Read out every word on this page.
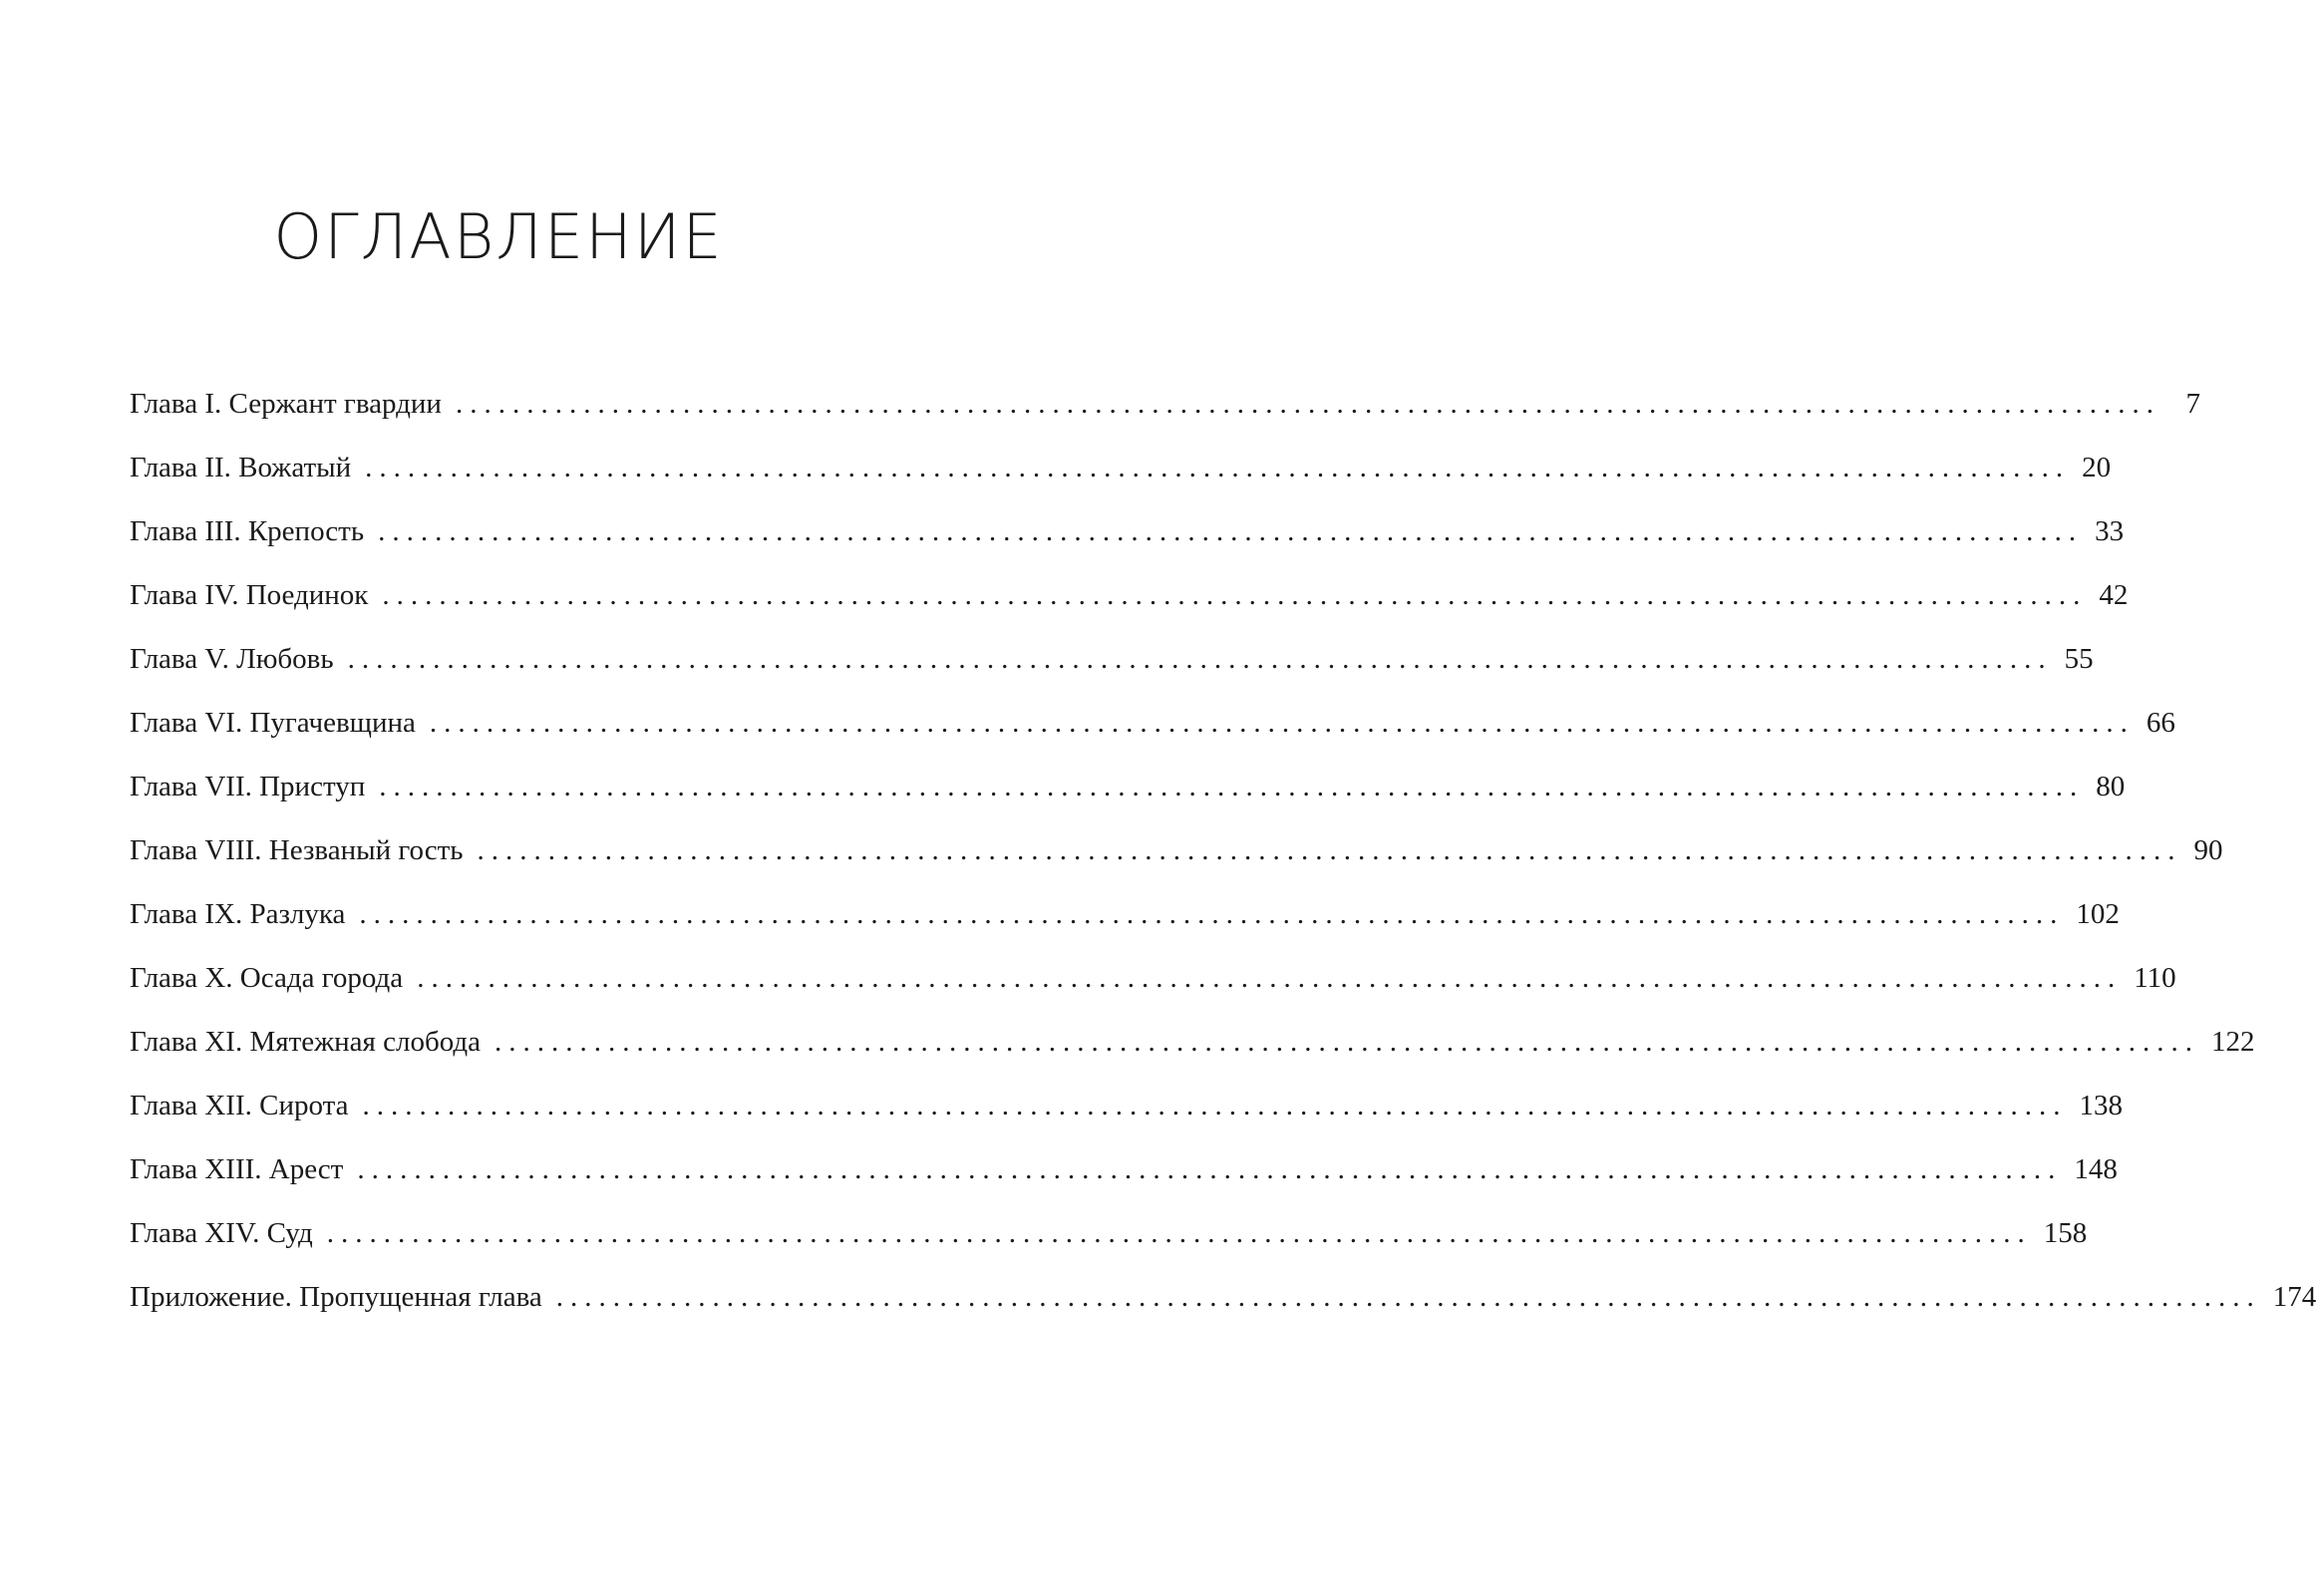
ОГЛАВЛЕНИЕ
Глава I. Сержант гвардии ........................................................................................................................ 7
Глава II. Вожатый ........................................................................................................................ 20
Глава III. Крепость ........................................................................................................................ 33
Глава IV. Поединок ........................................................................................................................ 42
Глава V. Любовь ........................................................................................................................ 55
Глава VI. Пугачевщина ........................................................................................................................ 66
Глава VII. Приступ ........................................................................................................................ 80
Глава VIII. Незваный гость ........................................................................................................................ 90
Глава IX. Разлука ........................................................................................................................ 102
Глава X. Осада города ........................................................................................................................ 110
Глава XI. Мятежная слобода ........................................................................................................................ 122
Глава XII. Сирота ........................................................................................................................ 138
Глава XIII. Арест ........................................................................................................................ 148
Глава XIV. Суд ........................................................................................................................ 158
Приложение. Пропущенная глава ........................................................................................................................ 174
